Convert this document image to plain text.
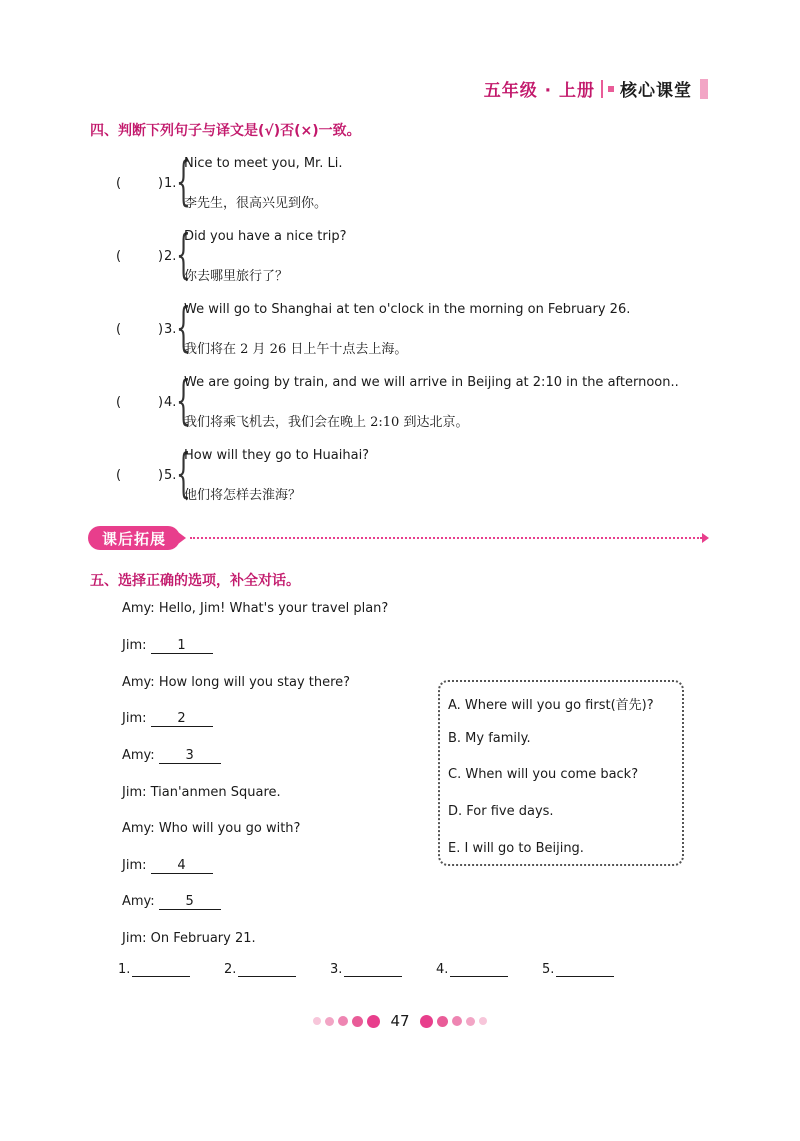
五年级 · 上册 核心课堂
四、判断下列句子与译文是(√)否(×)一致。
(	) 1. {
Nice to meet you, Mr. Li.
李先生，很高兴见到你。
(	) 2. {
Did you have a nice trip?
你去哪里旅行了？
(	) 3. {
We will go to Shanghai at ten o'clock in the morning on February 26.
我们将在 2 月 26 日上午十点去上海。
(	) 4. {
We are going by train, and we will arrive in Beijing at 2:10 in the afternoon..
我们将乘飞机去，我们会在晚上 2:10 到达北京。
(	) 5. {
How will they go to Huaihai?
他们将怎样去淮海？
课后拓展
五、选择正确的选项，补全对话。
Amy: Hello, Jim! What's your travel plan?
Jim: 1
Amy: How long will you stay there?
Jim: 2
Amy: 3
Jim: Tian'anmen Square.
Amy: Who will you go with?
Jim: 4
Amy: 5
Jim: On February 21.
A. Where will you go first(首先)?
B. My family.
C. When will you come back?
D. For five days.
E. I will go to Beijing.
1.	2.	3.	4.	5.
47
